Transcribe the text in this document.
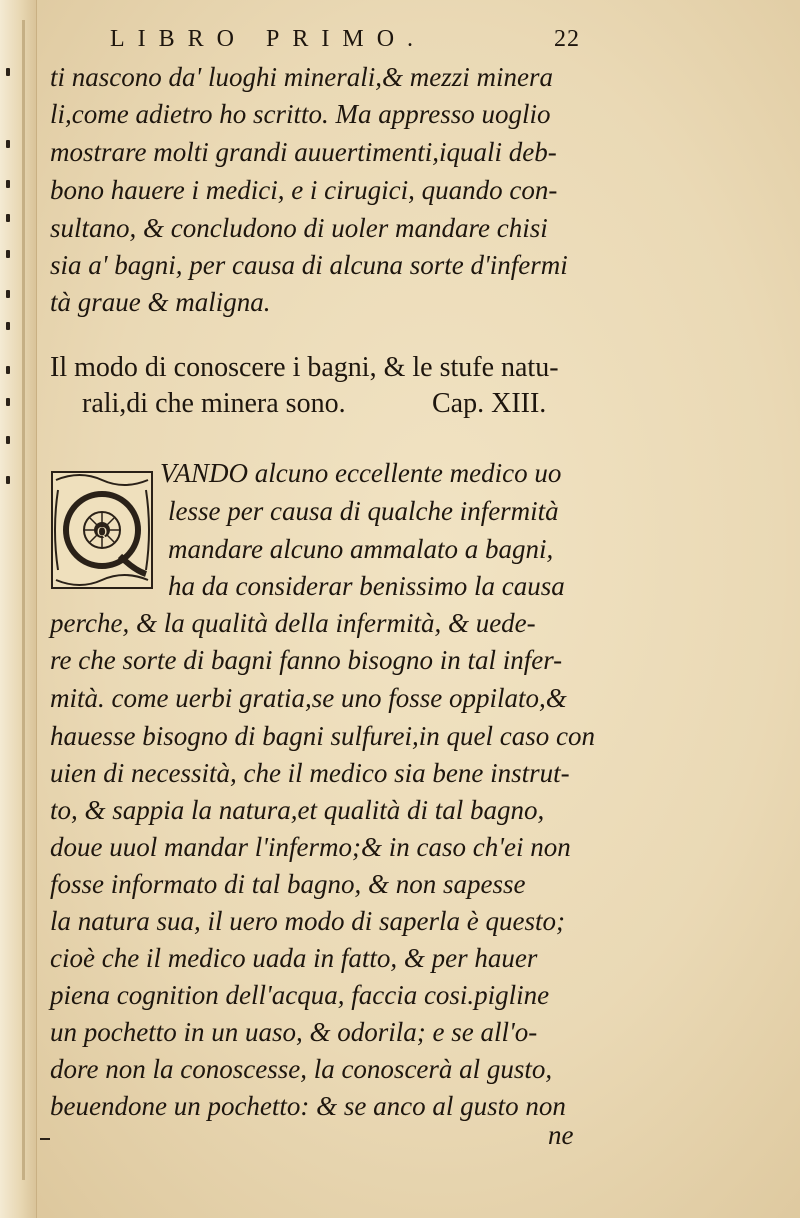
LIBRO PRIMO.	22
ti nascono da' luoghi minerali,& mezzi minera
li,come adietro ho scritto. Ma appresso uoglio
mostrare molti grandi auuertimenti,iquali deb-
bono hauere i medici, e i cirugici, quando con-
sultano, & concludono di uoler mandare chisi
sia a' bagni, per causa di alcuna sorte d'infermi
tà graue & maligna.
Il modo di conoscere i bagni, & le stufe natu-
rali,di che minera sono.	Cap. XIII.
Q
VANDO alcuno eccellente medico uo
lesse per causa di qualche infermità
mandare alcuno ammalato a bagni,
ha da considerar benissimo la causa
perche, & la qualità della infermità, & uede-
re che sorte di bagni fanno bisogno in tal infer-
mità. come uerbi gratia,se uno fosse oppilato,&
hauesse bisogno di bagni sulfurei,in quel caso con
uien di necessità, che il medico sia bene instrut-
to, & sappia la natura,et qualità di tal bagno,
doue uuol mandar l'infermo;& in caso ch'ei non
fosse informato di tal bagno, & non sapesse
la natura sua, il uero modo di saperla è questo;
cioè che il medico uada in fatto, & per hauer
piena cognition dell'acqua, faccia cosi.pigline
un pochetto in un uaso, & odorila; e se all'o-
dore non la conoscesse, la conoscerà al gusto,
beuendone un pochetto: & se anco al gusto non
ne
